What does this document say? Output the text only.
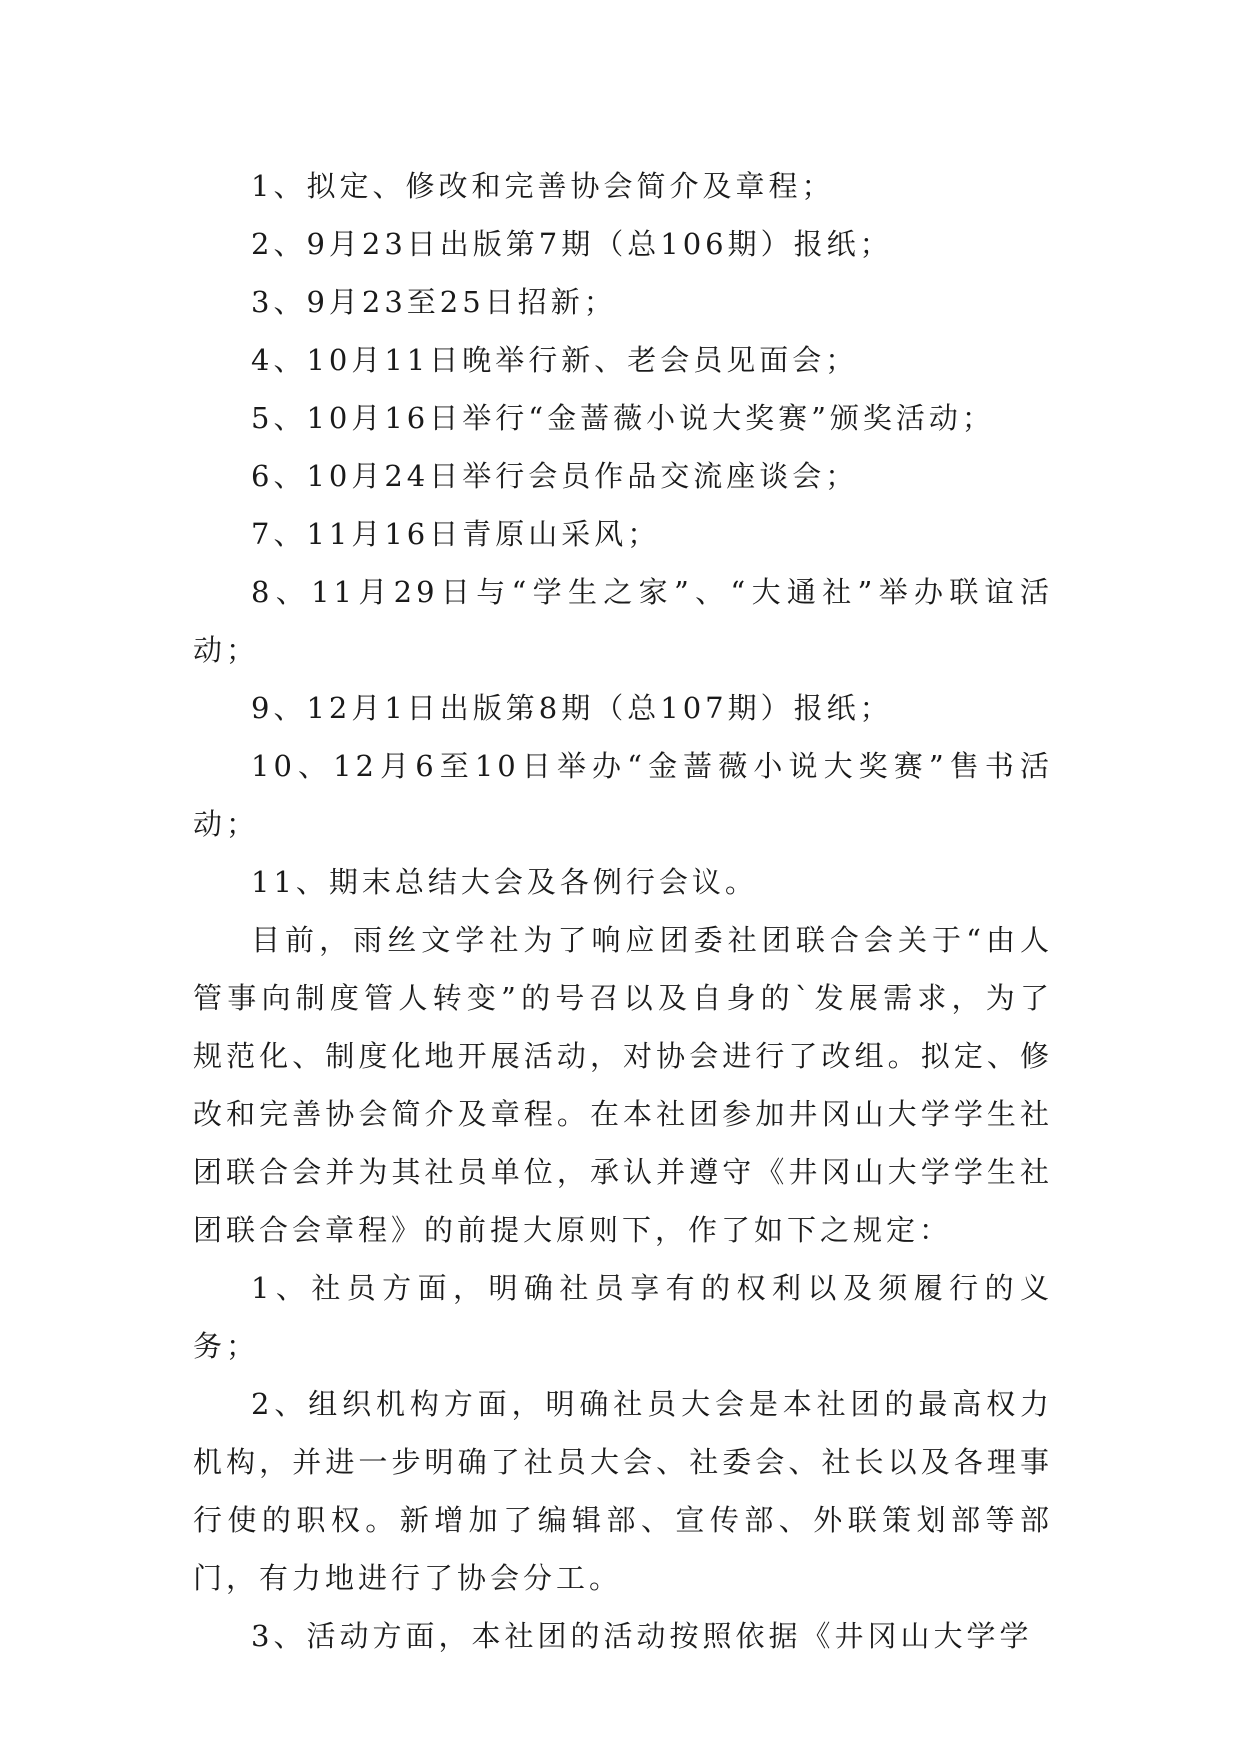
1、拟定、修改和完善协会简介及章程；

2、9月23日出版第7期（总106期）报纸；

3、9月23至25日招新；

4、10月11日晚举行新、老会员见面会；

5、10月16日举行“金蔷薇小说大奖赛”颁奖活动；

6、10月24日举行会员作品交流座谈会；

7、11月16日青原山采风；

8、11月29日与“学生之家”、“大通社”举办联谊活动；

9、12月1日出版第8期（总107期）报纸；

10、12月6至10日举办“金蔷薇小说大奖赛”售书活动；

11、期末总结大会及各例行会议。

目前，雨丝文学社为了响应团委社团联合会关于“由人管事向制度管人转变”的号召以及自身的`发展需求，为了规范化、制度化地开展活动，对协会进行了改组。拟定、修改和完善协会简介及章程。在本社团参加井冈山大学学生社团联合会并为其社员单位，承认并遵守《井冈山大学学生社团联合会章程》的前提大原则下，作了如下之规定：

1、社员方面，明确社员享有的权利以及须履行的义务；

2、组织机构方面，明确社员大会是本社团的最高权力机构，并进一步明确了社员大会、社委会、社长以及各理事行使的职权。新增加了编辑部、宣传部、外联策划部等部门，有力地进行了协会分工。

3、活动方面，本社团的活动按照依据《井冈山大学学
